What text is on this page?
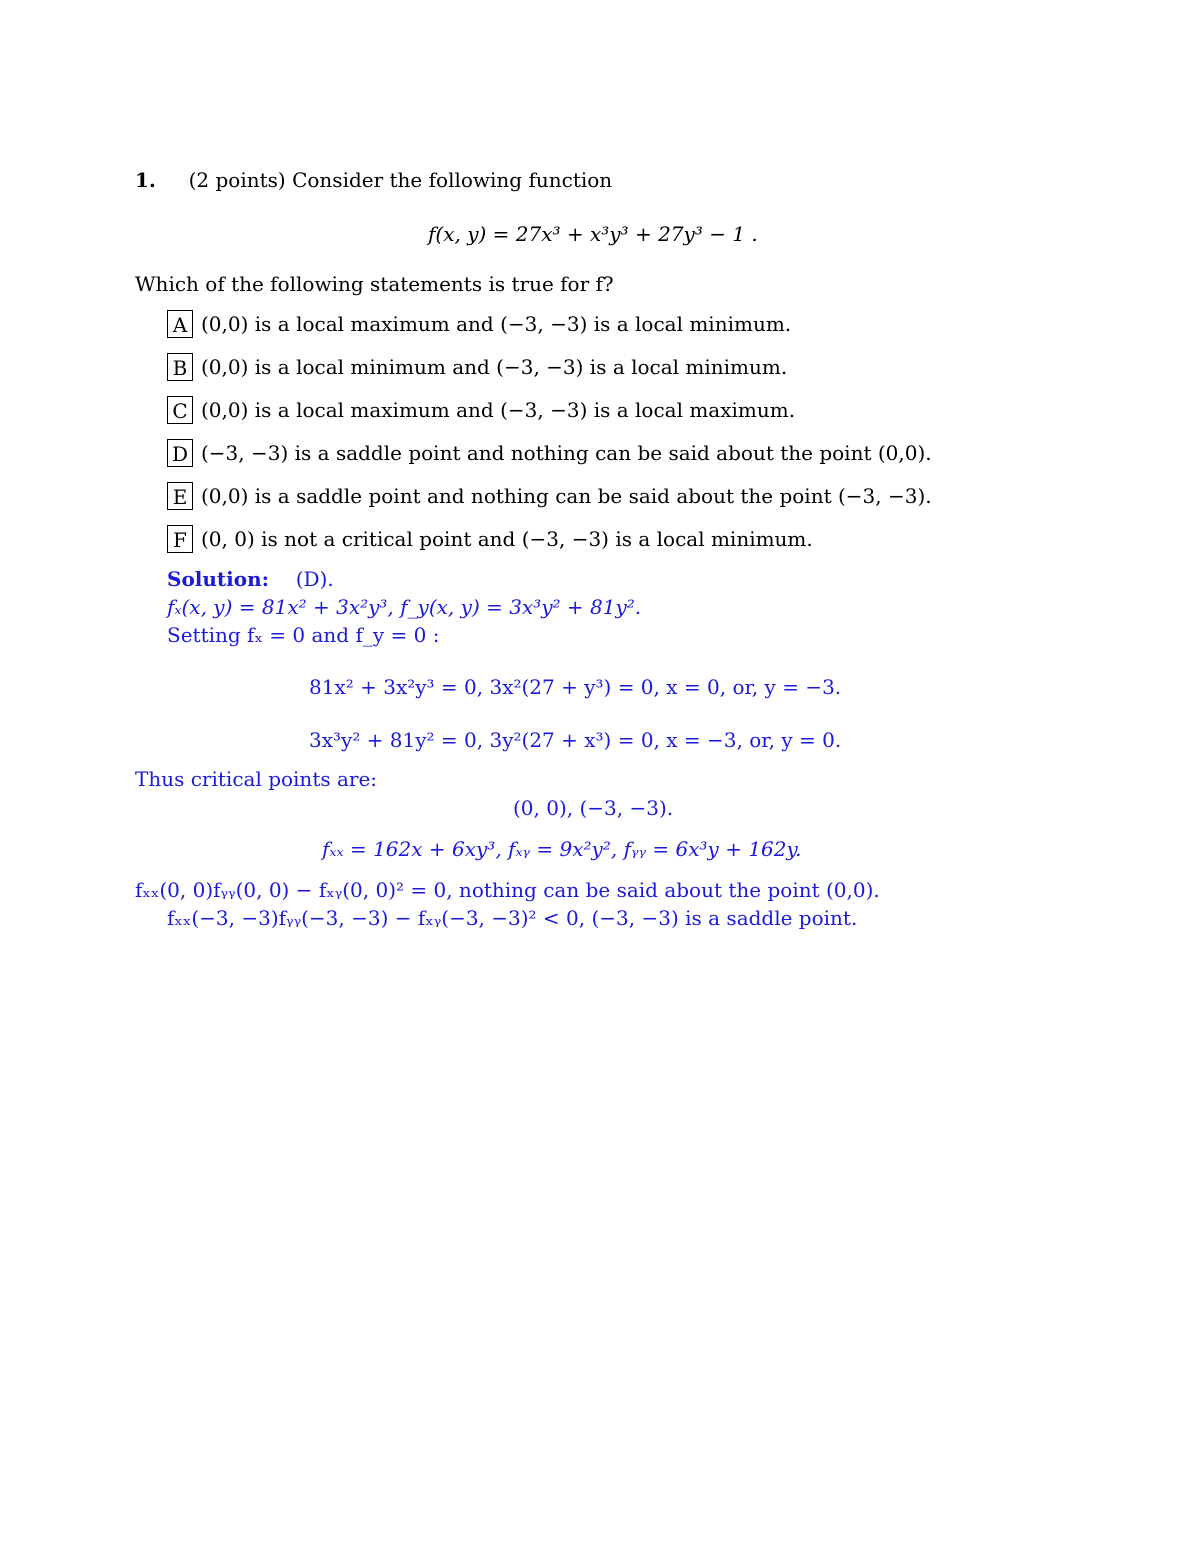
1. (2 points) Consider the following function
f(x, y) = 27x³ + x³y³ + 27y³ − 1 .
Which of the following statements is true for f?
A (0,0) is a local maximum and (−3, −3) is a local minimum.
B (0,0) is a local minimum and (−3, −3) is a local minimum.
C (0,0) is a local maximum and (−3, −3) is a local maximum.
D (−3, −3) is a saddle point and nothing can be said about the point (0,0).
E (0,0) is a saddle point and nothing can be said about the point (−3, −3).
F (0, 0) is not a critical point and (−3, −3) is a local minimum.
Solution: (D).
fₓ(x, y) = 81x² + 3x²y³, f_y(x, y) = 3x³y² + 81y².
Setting fₓ = 0 and f_y = 0 :
81x² + 3x²y³ = 0, 3x²(27 + y³) = 0, x = 0, or, y = −3.
3x³y² + 81y² = 0, 3y²(27 + x³) = 0, x = −3, or, y = 0.
Thus critical points are:
(0, 0), (−3, −3).
fₓₓ = 162x + 6xy³, fₓᵧ = 9x²y², fᵧᵧ = 6x³y + 162y.
fₓₓ(0, 0)fᵧᵧ(0, 0) − fₓᵧ(0, 0)² = 0, nothing can be said about the point (0,0).
fₓₓ(−3, −3)fᵧᵧ(−3, −3) − fₓᵧ(−3, −3)² < 0, (−3, −3) is a saddle point.
